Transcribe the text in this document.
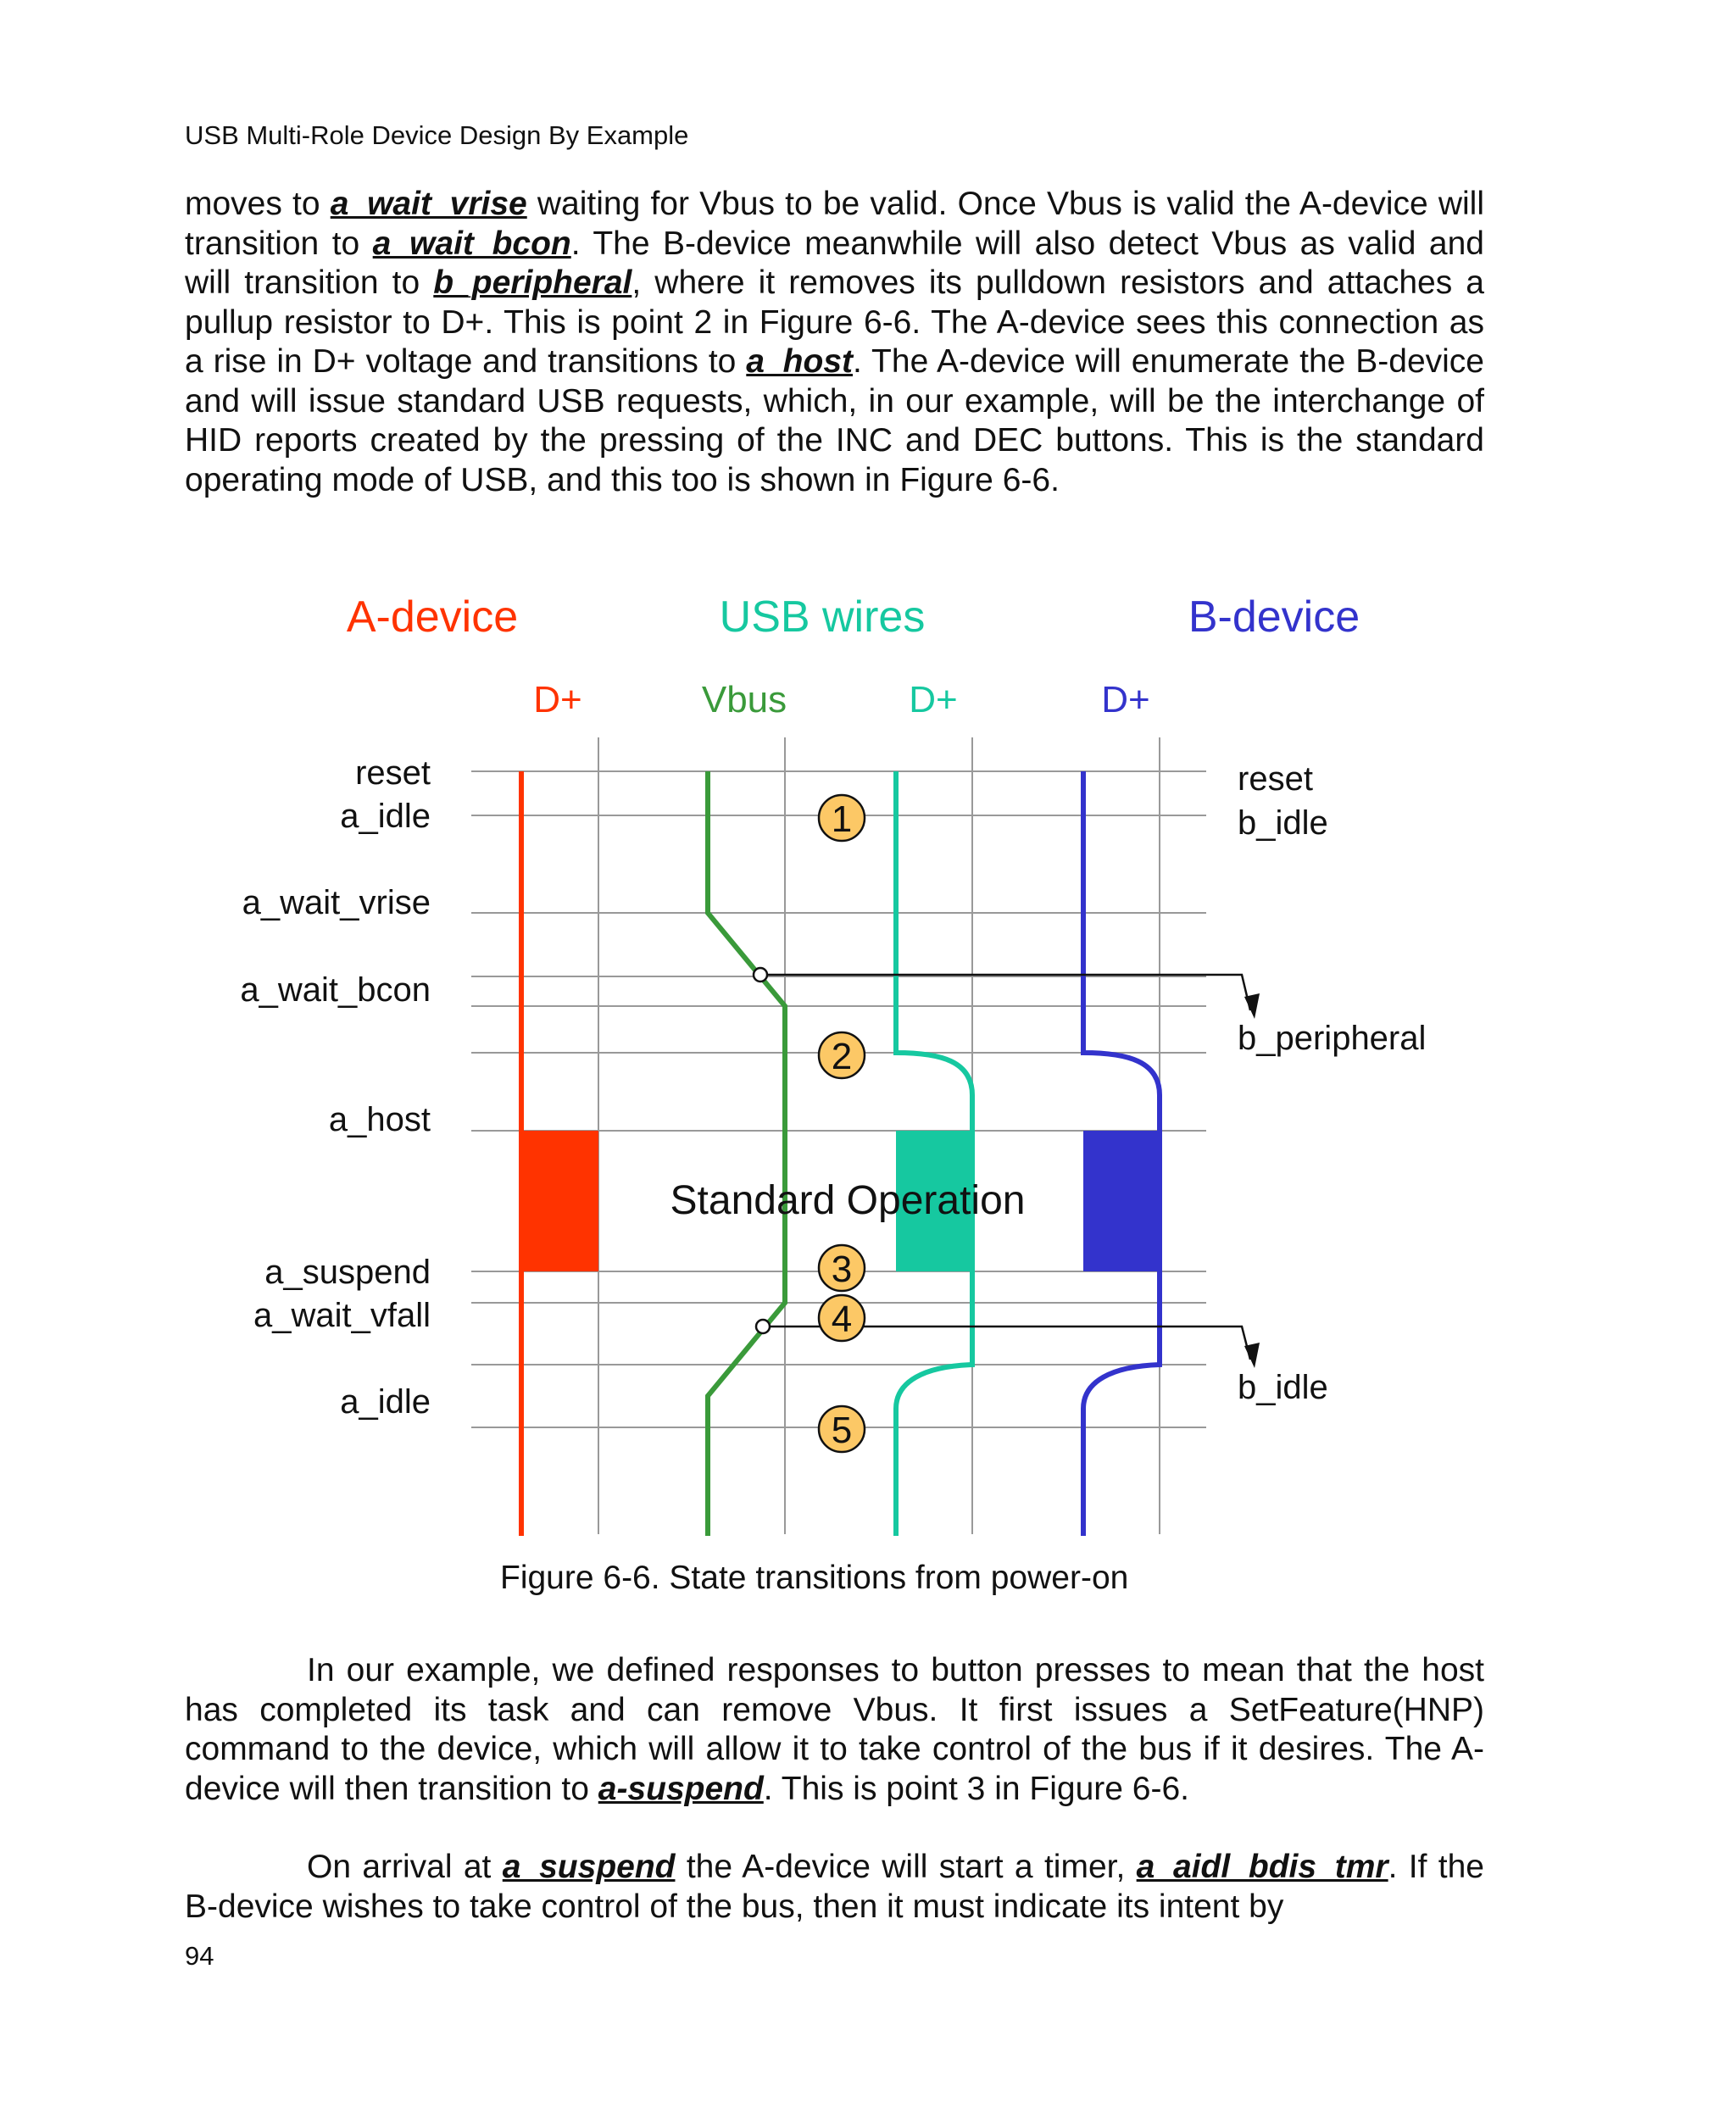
USB Multi-Role Device Design By Example

moves to a_wait_vrise waiting for Vbus to be valid. Once Vbus is valid the A-device will transition to a_wait_bcon. The B-device meanwhile will also detect Vbus as valid and will transition to b_peripheral, where it removes its pulldown resistors and attaches a pullup resistor to D+. This is point 2 in Figure 6-6. The A-device sees this connection as a rise in D+ voltage and transitions to a_host. The A-device will enumerate the B-device and will issue standard USB requests, which, in our example, will be the interchange of HID reports created by the pressing of the INC and DEC buttons. This is the standard operating mode of USB, and this too is shown in Figure 6-6.

A-device	USB wires	B-device
D+	Vbus	D+	D+
reset
a_idle
a_wait_vrise
a_wait_bcon
a_host
a_suspend
a_wait_vfall
a_idle
reset
b_idle
b_peripheral
b_idle
1
2
3
4
5
Standard Operation
Figure 6-6. State transitions from power-on

In our example, we defined responses to button presses to mean that the host has completed its task and can remove Vbus. It first issues a SetFeature(HNP) command to the device, which will allow it to take control of the bus if it desires. The A-device will then transition to a-suspend. This is point 3 in Figure 6-6.

On arrival at a_suspend the A-device will start a timer, a_aidl_bdis_tmr. If the B-device wishes to take control of the bus, then it must indicate its intent by

94
